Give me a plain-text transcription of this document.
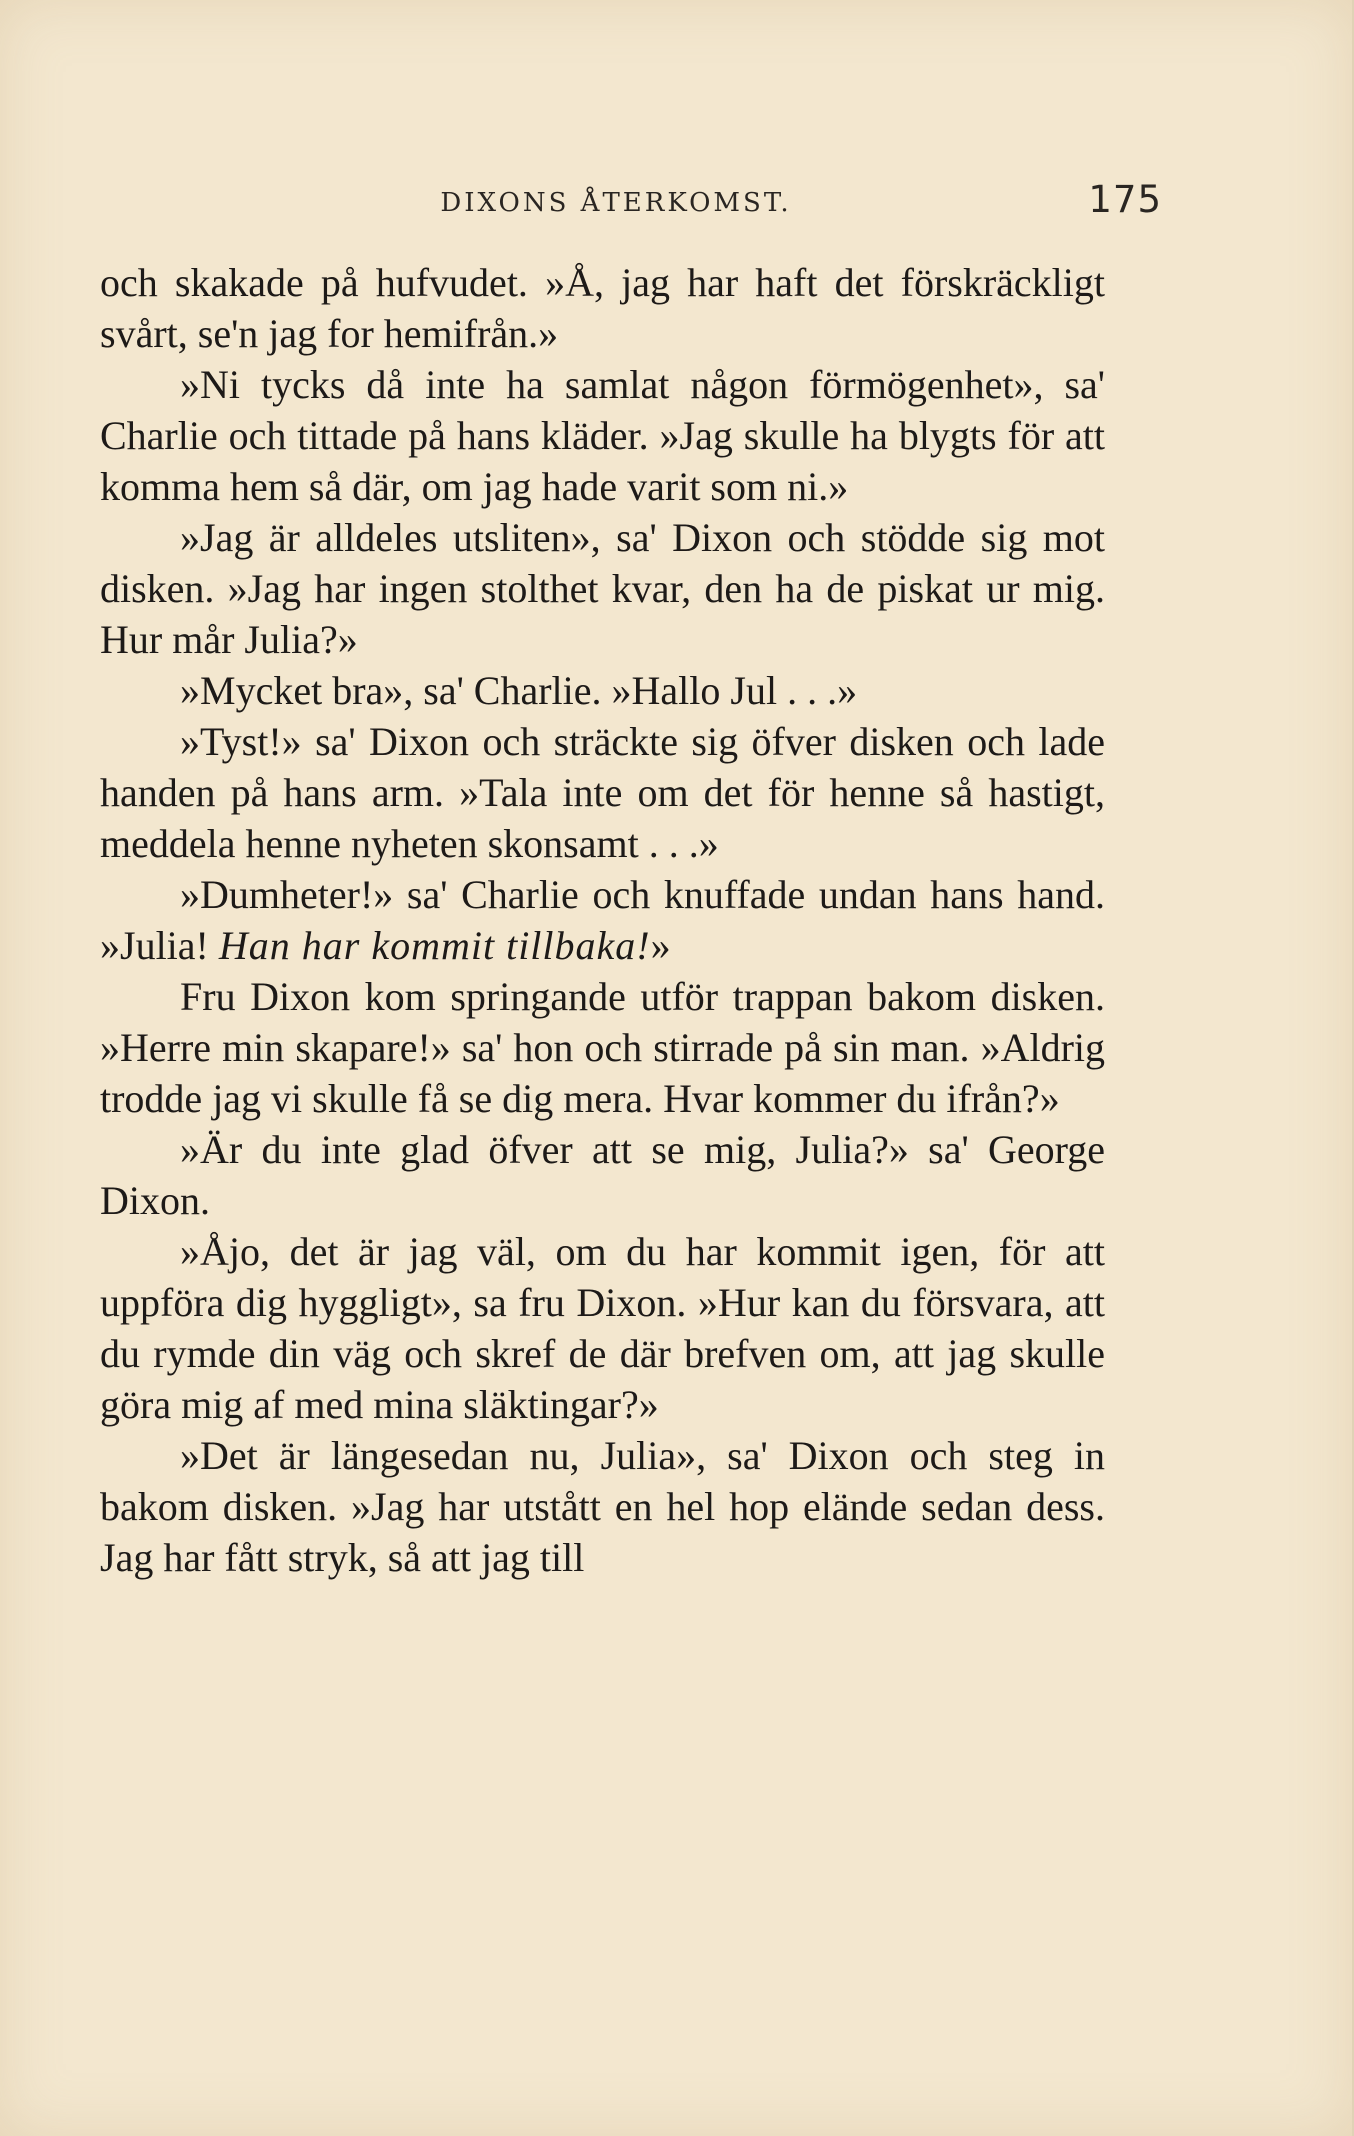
DIXONS ÅTERKOMST.	175

och skakade på hufvudet. »Å, jag har haft det förskräckligt svårt, se'n jag for hemifrån.»

»Ni tycks då inte ha samlat någon förmögenhet», sa' Charlie och tittade på hans kläder. »Jag skulle ha blygts för att komma hem så där, om jag hade varit som ni.»

»Jag är alldeles utsliten», sa' Dixon och stödde sig mot disken. »Jag har ingen stolthet kvar, den ha de piskat ur mig. Hur mår Julia?»

»Mycket bra», sa' Charlie. »Hallo Jul . . .»

»Tyst!» sa' Dixon och sträckte sig öfver disken och lade handen på hans arm. »Tala inte om det för henne så hastigt, meddela henne nyheten skonsamt . . .»

»Dumheter!» sa' Charlie och knuffade undan hans hand. »Julia! Han har kommit tillbaka!»

Fru Dixon kom springande utför trappan bakom disken. »Herre min skapare!» sa' hon och stirrade på sin man. »Aldrig trodde jag vi skulle få se dig mera. Hvar kommer du ifrån?»

»Är du inte glad öfver att se mig, Julia?» sa' George Dixon.

»Åjo, det är jag väl, om du har kommit igen, för att uppföra dig hyggligt», sa fru Dixon. »Hur kan du försvara, att du rymde din väg och skref de där brefven om, att jag skulle göra mig af med mina släktingar?»

»Det är längesedan nu, Julia», sa' Dixon och steg in bakom disken. »Jag har utstått en hel hop elände sedan dess. Jag har fått stryk, så att jag till
